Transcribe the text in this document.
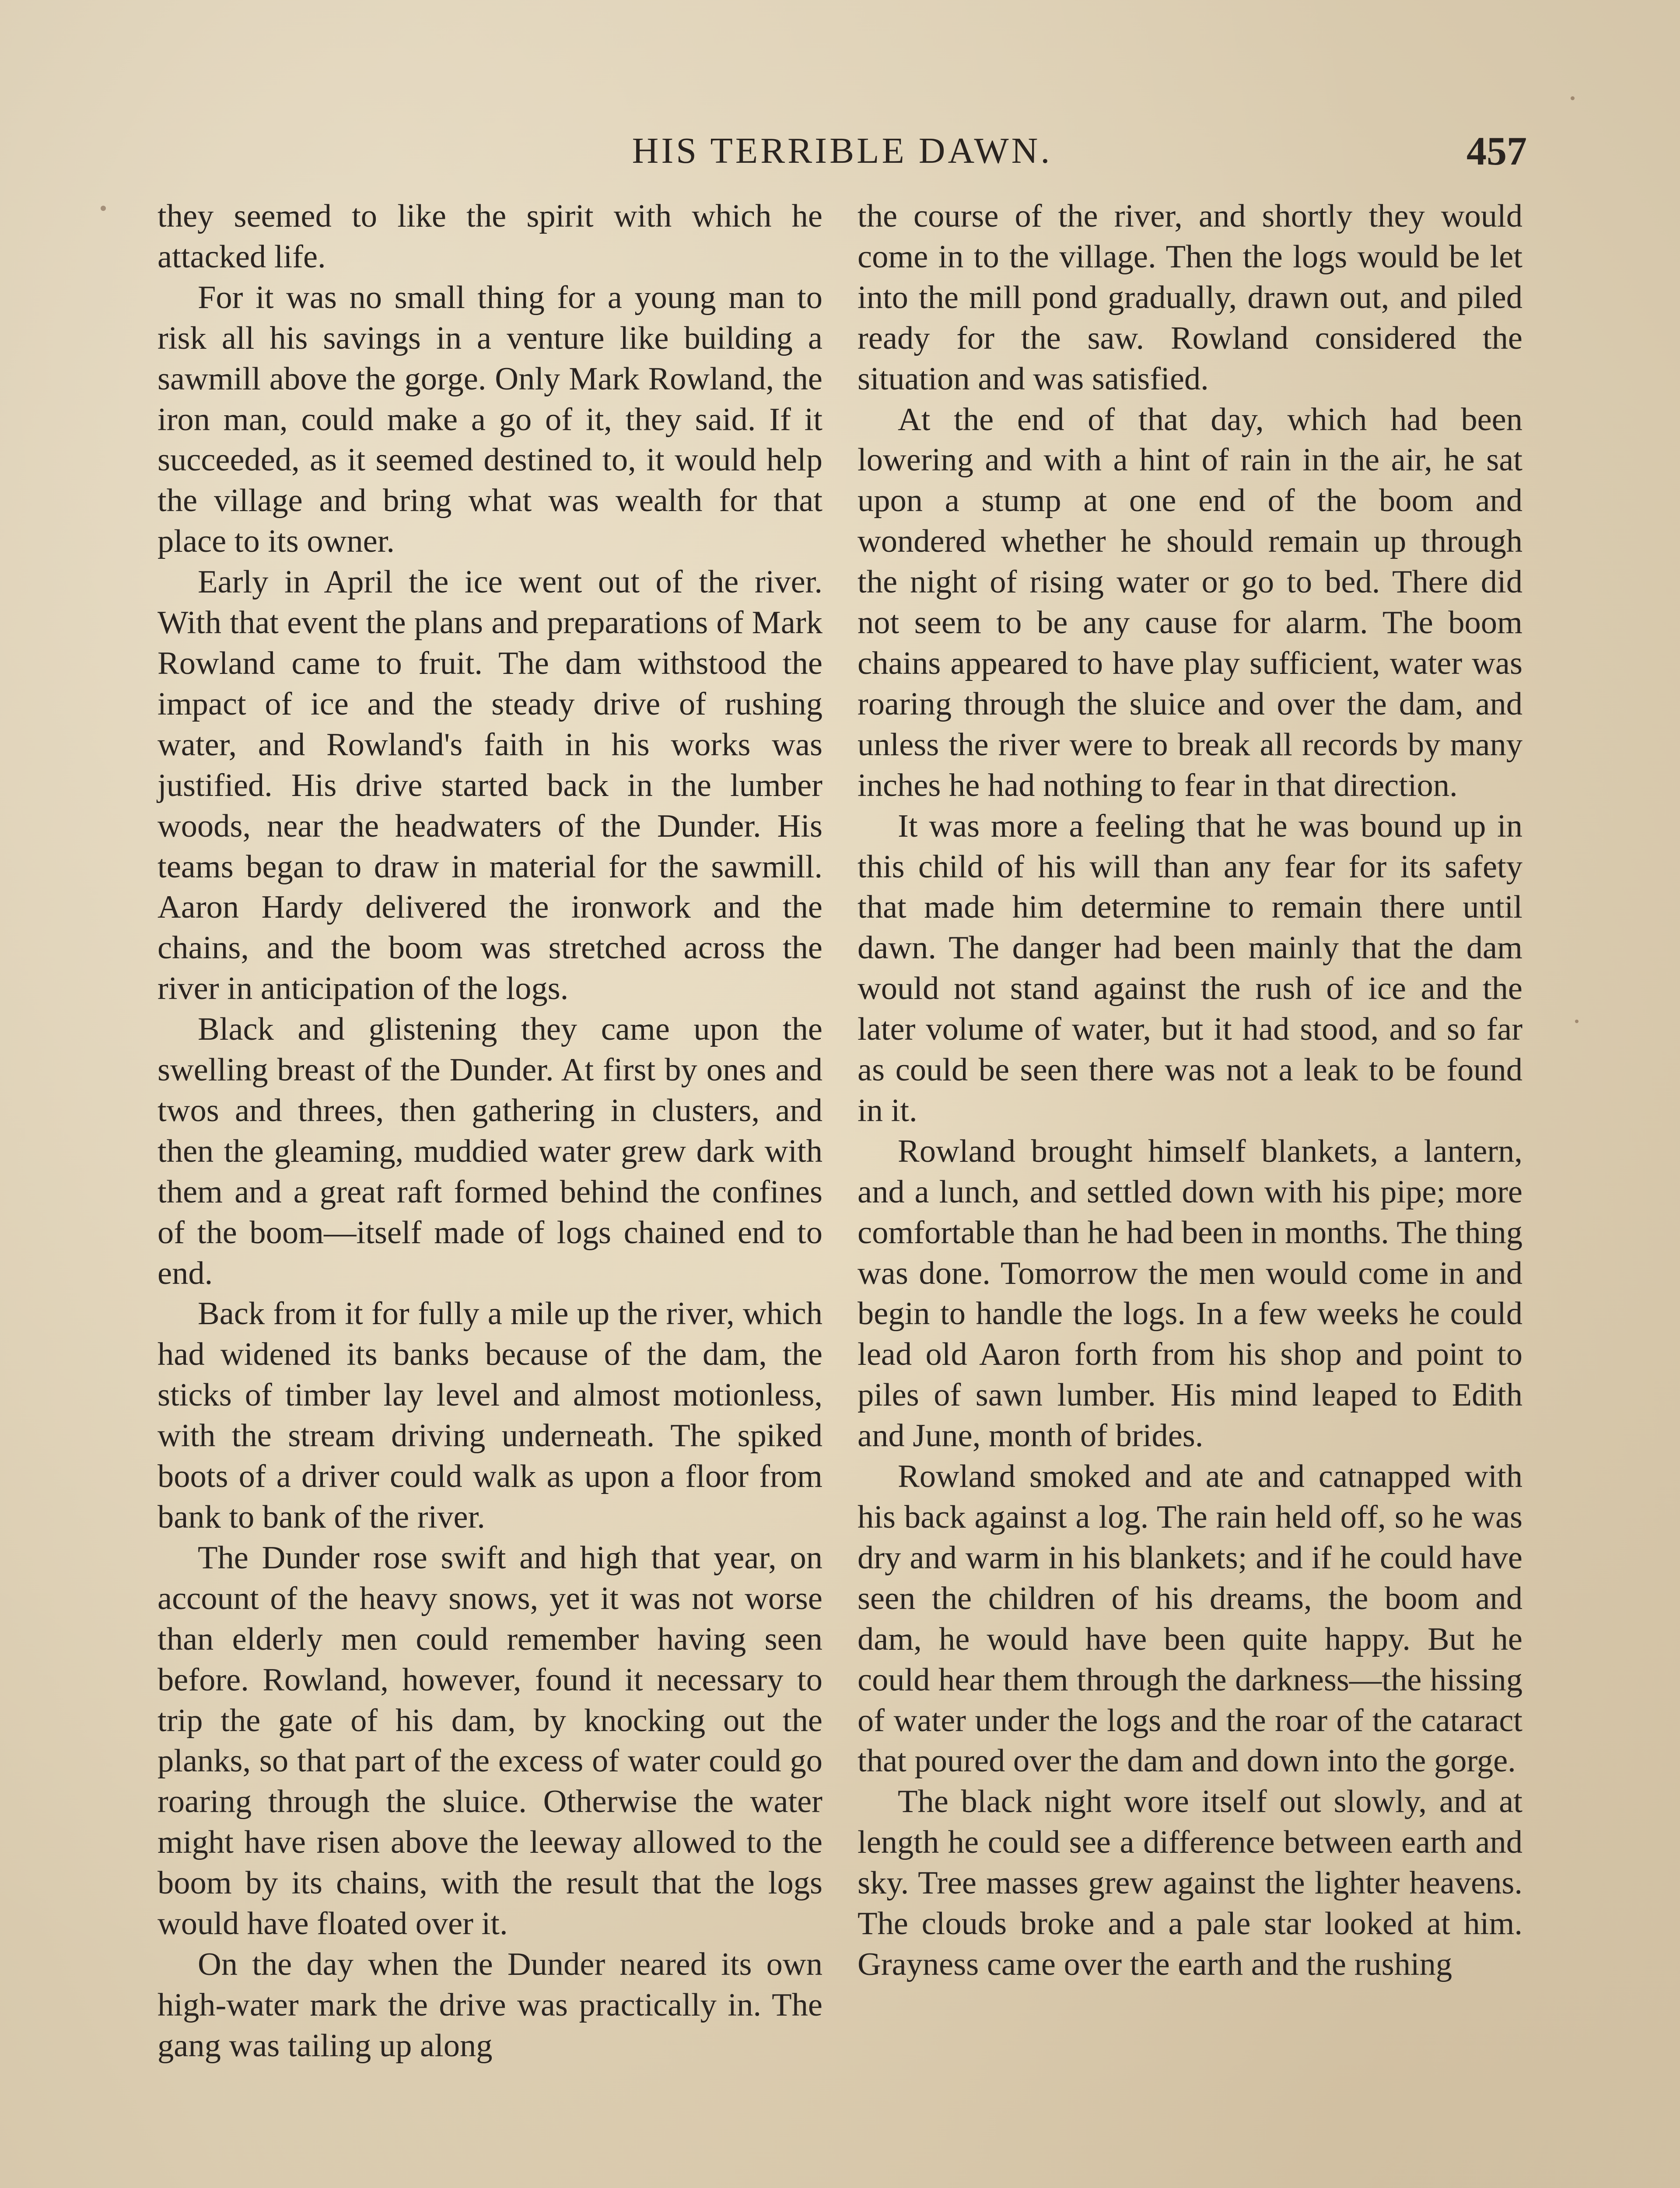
HIS TERRIBLE DAWN.	457

they seemed to like the spirit with which he attacked life.

For it was no small thing for a young man to risk all his savings in a venture like building a sawmill above the gorge. Only Mark Rowland, the iron man, could make a go of it, they said. If it succeeded, as it seemed destined to, it would help the village and bring what was wealth for that place to its owner.

Early in April the ice went out of the river. With that event the plans and preparations of Mark Rowland came to fruit. The dam withstood the impact of ice and the steady drive of rushing water, and Rowland's faith in his works was justified. His drive started back in the lumber woods, near the headwaters of the Dunder. His teams began to draw in material for the sawmill. Aaron Hardy delivered the ironwork and the chains, and the boom was stretched across the river in anticipation of the logs.

Black and glistening they came upon the swelling breast of the Dunder. At first by ones and twos and threes, then gathering in clusters, and then the gleaming, muddied water grew dark with them and a great raft formed behind the confines of the boom—itself made of logs chained end to end.

Back from it for fully a mile up the river, which had widened its banks because of the dam, the sticks of timber lay level and almost motionless, with the stream driving underneath. The spiked boots of a driver could walk as upon a floor from bank to bank of the river.

The Dunder rose swift and high that year, on account of the heavy snows, yet it was not worse than elderly men could remember having seen before. Rowland, however, found it necessary to trip the gate of his dam, by knocking out the planks, so that part of the excess of water could go roaring through the sluice. Otherwise the water might have risen above the leeway allowed to the boom by its chains, with the result that the logs would have floated over it.

On the day when the Dunder neared its own high-water mark the drive was practically in. The gang was tailing up along

the course of the river, and shortly they would come in to the village. Then the logs would be let into the mill pond gradually, drawn out, and piled ready for the saw. Rowland considered the situation and was satisfied.

At the end of that day, which had been lowering and with a hint of rain in the air, he sat upon a stump at one end of the boom and wondered whether he should remain up through the night of rising water or go to bed. There did not seem to be any cause for alarm. The boom chains appeared to have play sufficient, water was roaring through the sluice and over the dam, and unless the river were to break all records by many inches he had nothing to fear in that direction.

It was more a feeling that he was bound up in this child of his will than any fear for its safety that made him determine to remain there until dawn. The danger had been mainly that the dam would not stand against the rush of ice and the later volume of water, but it had stood, and so far as could be seen there was not a leak to be found in it.

Rowland brought himself blankets, a lantern, and a lunch, and settled down with his pipe; more comfortable than he had been in months. The thing was done. Tomorrow the men would come in and begin to handle the logs. In a few weeks he could lead old Aaron forth from his shop and point to piles of sawn lumber. His mind leaped to Edith and June, month of brides.

Rowland smoked and ate and catnapped with his back against a log. The rain held off, so he was dry and warm in his blankets; and if he could have seen the children of his dreams, the boom and dam, he would have been quite happy. But he could hear them through the darkness—the hissing of water under the logs and the roar of the cataract that poured over the dam and down into the gorge.

The black night wore itself out slowly, and at length he could see a difference between earth and sky. Tree masses grew against the lighter heavens. The clouds broke and a pale star looked at him. Grayness came over the earth and the rushing
